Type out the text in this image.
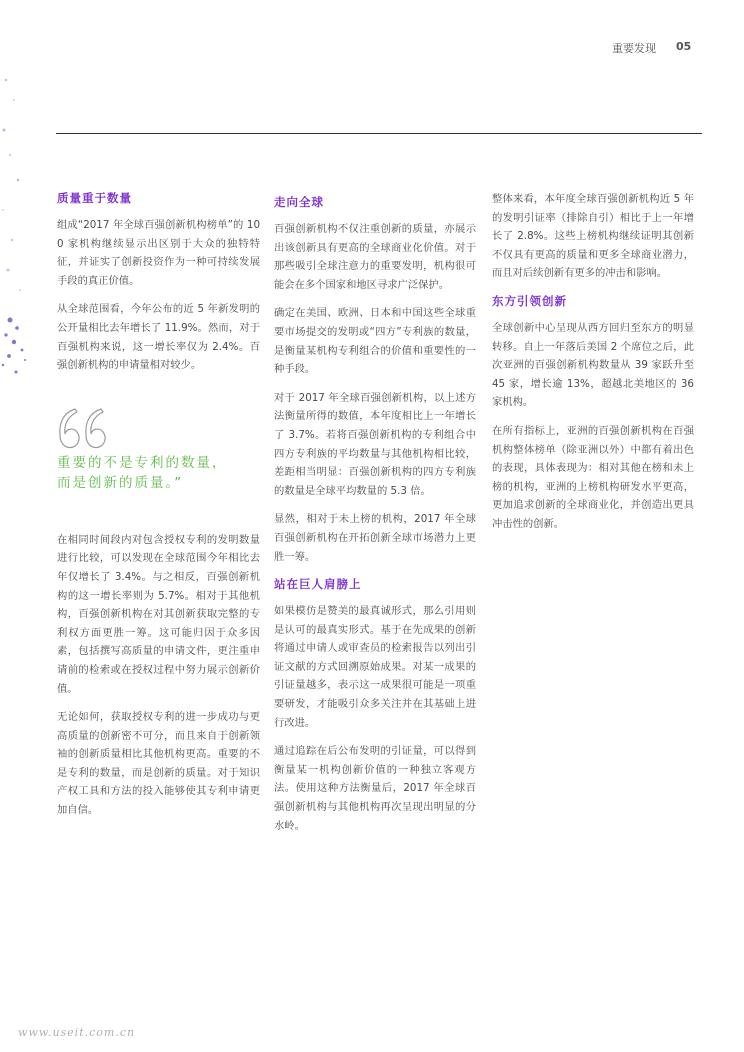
重要发现 05
质量重于数量

组成“2017 年全球百强创新机构榜单”的 100 家机构继续显示出区别于大众的独特特征，并证实了创新投资作为一种可持续发展手段的真正价值。

从全球范围看，今年公布的近 5 年新发明的公开量相比去年增长了 11.9%。然而，对于百强机构来说，这一增长率仅为 2.4%。百强创新机构的申请量相对较少。

重要的不是专利的数量，
而是创新的质量。”

在相同时间段内对包含授权专利的发明数量进行比较，可以发现在全球范围今年相比去年仅增长了 3.4%。与之相反，百强创新机构的这一增长率则为 5.7%。相对于其他机构，百强创新机构在对其创新获取完整的专利权方面更胜一筹。这可能归因于众多因素，包括撰写高质量的申请文件，更注重申请前的检索或在授权过程中努力展示创新价值。

无论如何，获取授权专利的进一步成功与更高质量的创新密不可分，而且来自于创新领袖的创新质量相比其他机构更高。重要的不是专利的数量，而是创新的质量。对于知识产权工具和方法的投入能够使其专利申请更加自信。

走向全球

百强创新机构不仅注重创新的质量，亦展示出该创新具有更高的全球商业化价值。对于那些吸引全球注意力的重要发明，机构很可能会在多个国家和地区寻求广泛保护。

确定在美国、欧洲、日本和中国这些全球重要市场提交的发明或“四方”专利族的数量，是衡量某机构专利组合的价值和重要性的一种手段。

对于 2017 年全球百强创新机构，以上述方法衡量所得的数值，本年度相比上一年增长了 3.7%。若将百强创新机构的专利组合中四方专利族的平均数量与其他机构相比较，差距相当明显：百强创新机构的四方专利族的数量是全球平均数量的 5.3 倍。

显然，相对于未上榜的机构，2017 年全球百强创新机构在开拓创新全球市场潜力上更胜一筹。

站在巨人肩膀上

如果模仿是赞美的最真诚形式，那么引用则是认可的最真实形式。基于在先成果的创新将通过申请人或审查员的检索报告以列出引证文献的方式回溯原始成果。对某一成果的引证量越多，表示这一成果很可能是一项重要研发，才能吸引众多关注并在其基础上进行改进。

通过追踪在后公布发明的引证量，可以得到衡量某一机构创新价值的一种独立客观方法。使用这种方法衡量后，2017 年全球百强创新机构与其他机构再次呈现出明显的分水岭。

整体来看，本年度全球百强创新机构近 5 年的发明引证率（排除自引）相比于上一年增长了 2.8%。这些上榜机构继续证明其创新不仅具有更高的质量和更多全球商业潜力，而且对后续创新有更多的冲击和影响。

东方引领创新

全球创新中心呈现从西方回归至东方的明显转移。自上一年落后美国 2 个席位之后，此次亚洲的百强创新机构数量从 39 家跃升至 45 家，增长逾 13%，超越北美地区的 36 家机构。

在所有指标上，亚洲的百强创新机构在百强机构整体榜单（除亚洲以外）中都有着出色的表现，具体表现为：相对其他在榜和未上榜的机构，亚洲的上榜机构研发水平更高，更加追求创新的全球商业化，并创造出更具冲击性的创新。

www.useit.com.cn
